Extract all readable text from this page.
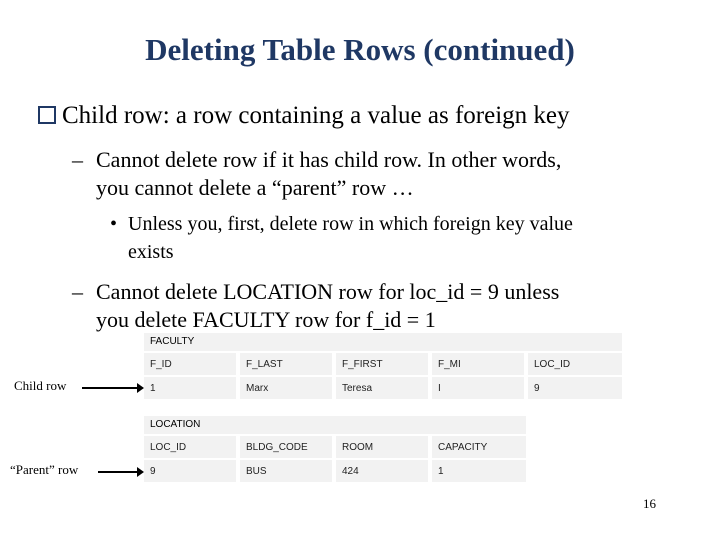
Deleting Table Rows (continued)
Child row: a row containing a value as foreign key
– Cannot delete row if it has child row. In other words,
you cannot delete a “parent” row …
• Unless you, first, delete row in which foreign key value
exists
– Cannot delete LOCATION row for loc_id = 9 unless
you delete FACULTY row for f_id = 1
FACULTY
F_ID	F_LAST	F_FIRST	F_MI	LOC_ID
1	Marx	Teresa	I	9
Child row
LOCATION
LOC_ID	BLDG_CODE	ROOM	CAPACITY
9	BUS	424	1
“Parent” row
16
